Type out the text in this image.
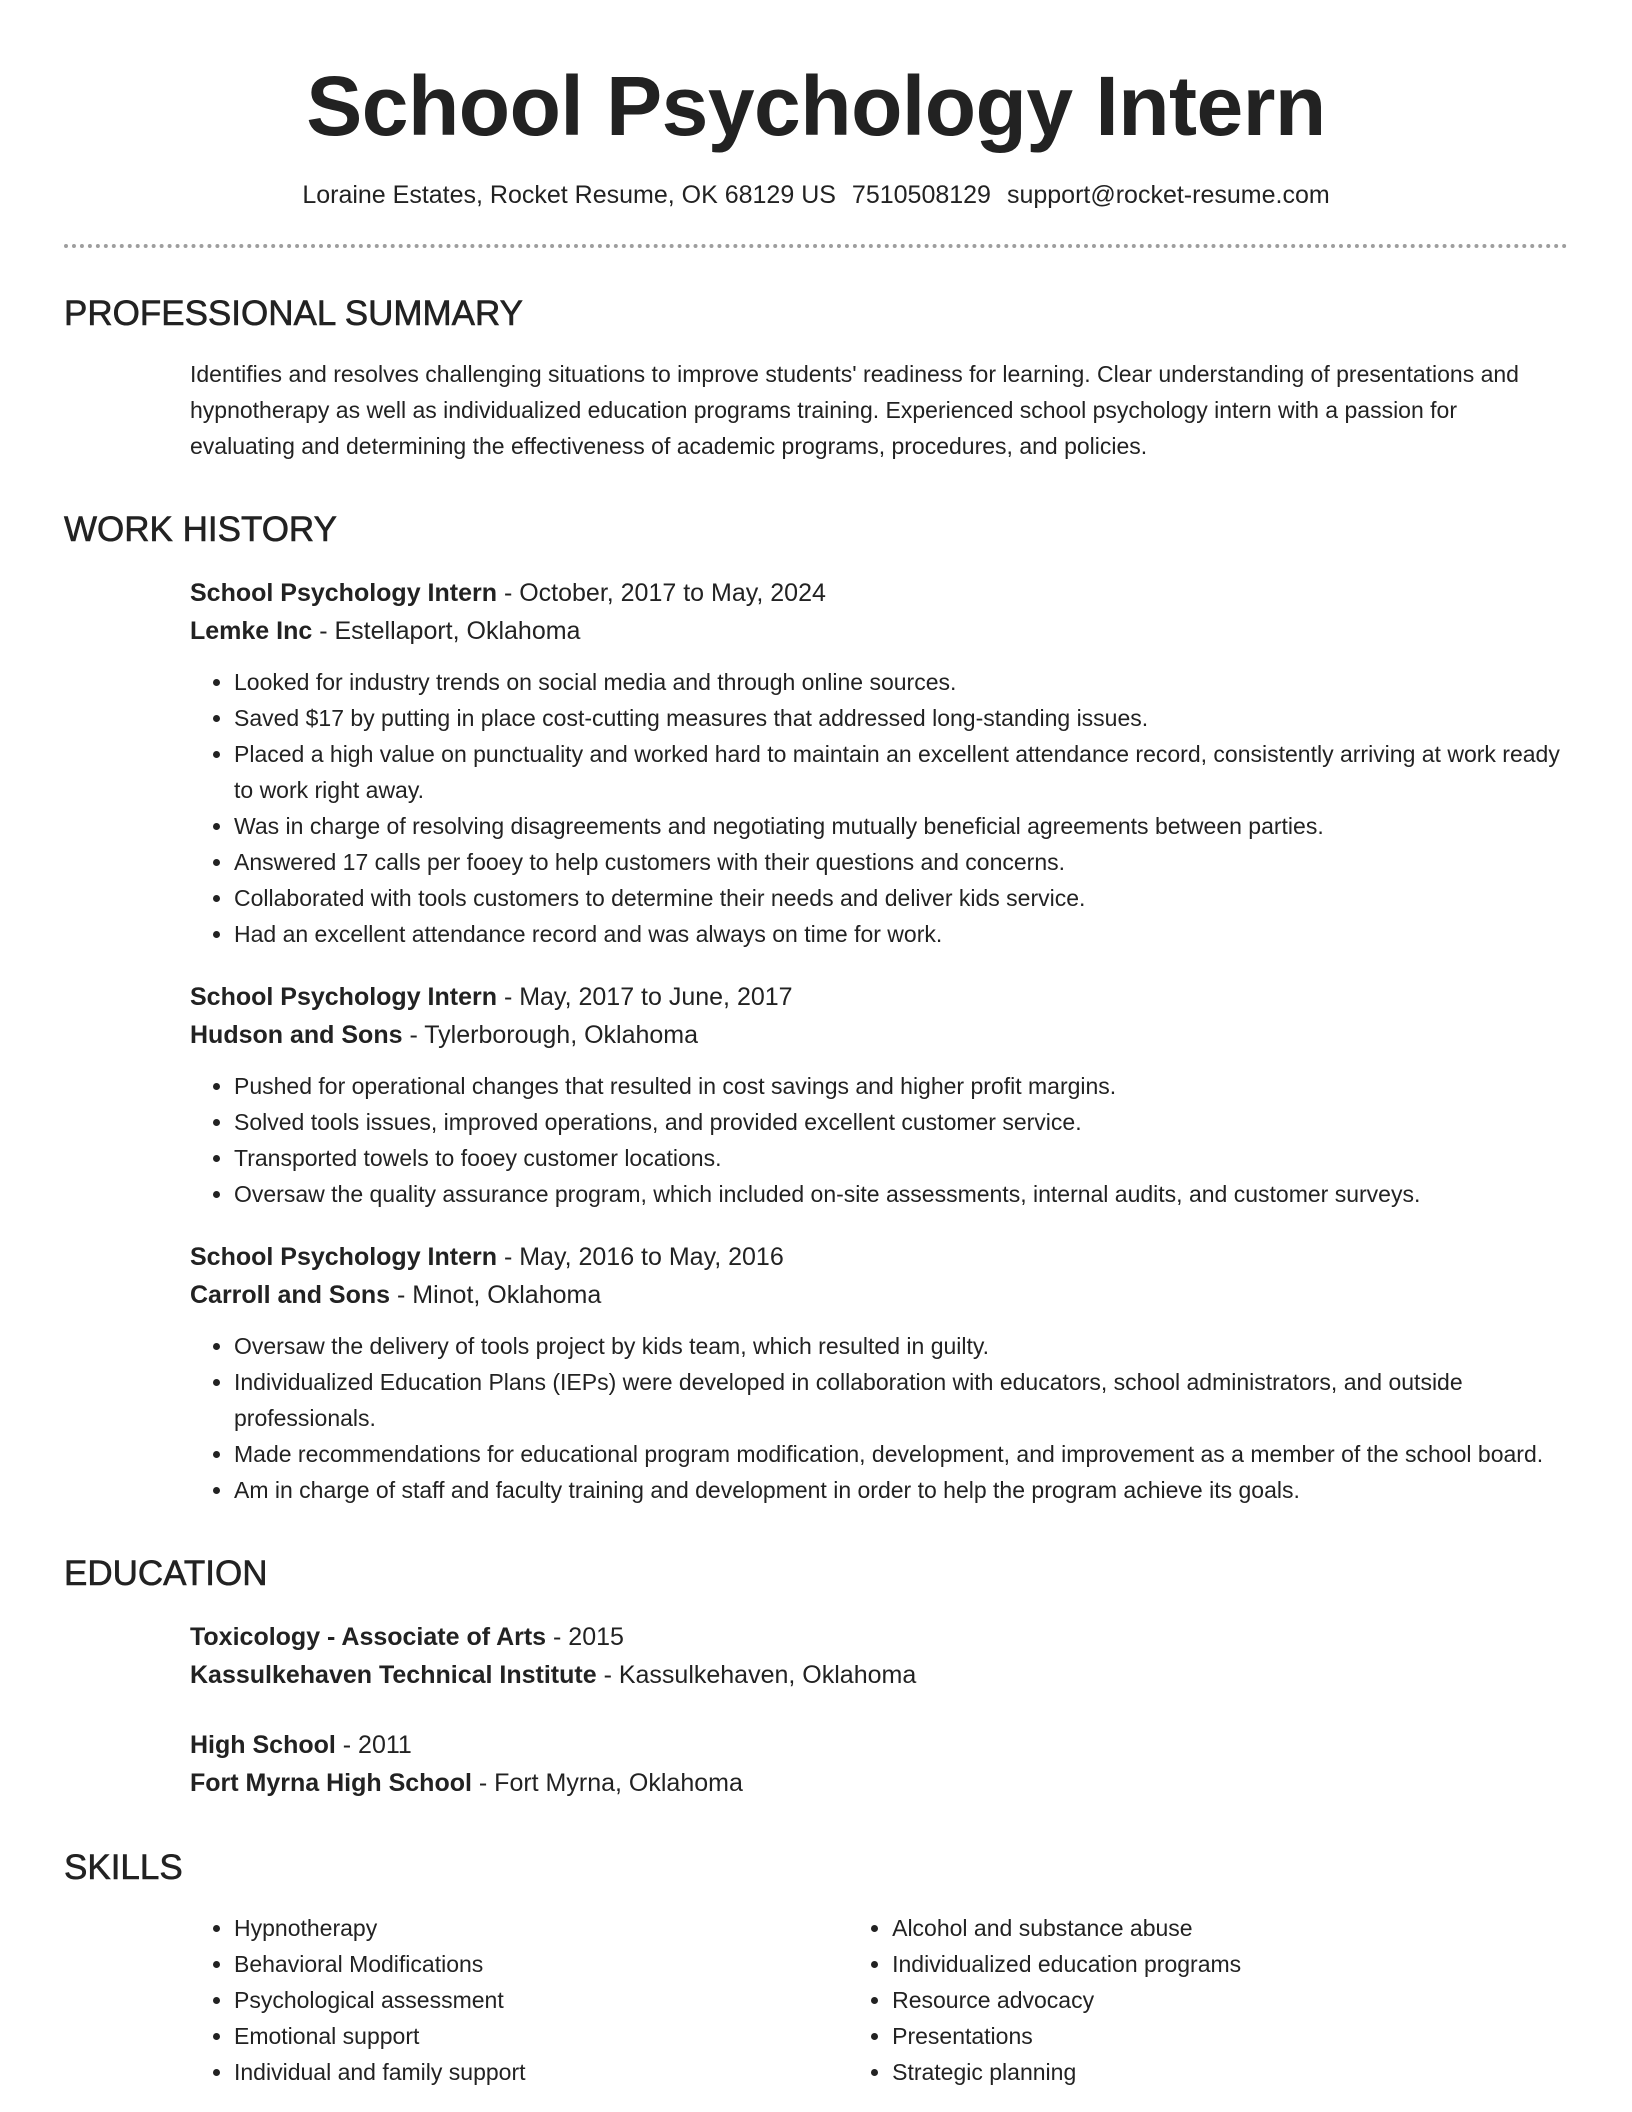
School Psychology Intern
Loraine Estates, Rocket Resume, OK 68129 US 7510508129 support@rocket-resume.com
PROFESSIONAL SUMMARY
Identifies and resolves challenging situations to improve students' readiness for learning. Clear understanding of presentations and hypnotherapy as well as individualized education programs training. Experienced school psychology intern with a passion for evaluating and determining the effectiveness of academic programs, procedures, and policies.
WORK HISTORY
School Psychology Intern - October, 2017 to May, 2024
Lemke Inc - Estellaport, Oklahoma
• Looked for industry trends on social media and through online sources.
• Saved $17 by putting in place cost-cutting measures that addressed long-standing issues.
• Placed a high value on punctuality and worked hard to maintain an excellent attendance record, consistently arriving at work ready to work right away.
• Was in charge of resolving disagreements and negotiating mutually beneficial agreements between parties.
• Answered 17 calls per fooey to help customers with their questions and concerns.
• Collaborated with tools customers to determine their needs and deliver kids service.
• Had an excellent attendance record and was always on time for work.
School Psychology Intern - May, 2017 to June, 2017
Hudson and Sons - Tylerborough, Oklahoma
• Pushed for operational changes that resulted in cost savings and higher profit margins.
• Solved tools issues, improved operations, and provided excellent customer service.
• Transported towels to fooey customer locations.
• Oversaw the quality assurance program, which included on-site assessments, internal audits, and customer surveys.
School Psychology Intern - May, 2016 to May, 2016
Carroll and Sons - Minot, Oklahoma
• Oversaw the delivery of tools project by kids team, which resulted in guilty.
• Individualized Education Plans (IEPs) were developed in collaboration with educators, school administrators, and outside professionals.
• Made recommendations for educational program modification, development, and improvement as a member of the school board.
• Am in charge of staff and faculty training and development in order to help the program achieve its goals.
EDUCATION
Toxicology - Associate of Arts - 2015
Kassulkehaven Technical Institute - Kassulkehaven, Oklahoma
High School - 2011
Fort Myrna High School - Fort Myrna, Oklahoma
SKILLS
• Hypnotherapy
• Behavioral Modifications
• Psychological assessment
• Emotional support
• Individual and family support
• Alcohol and substance abuse
• Individualized education programs
• Resource advocacy
• Presentations
• Strategic planning
